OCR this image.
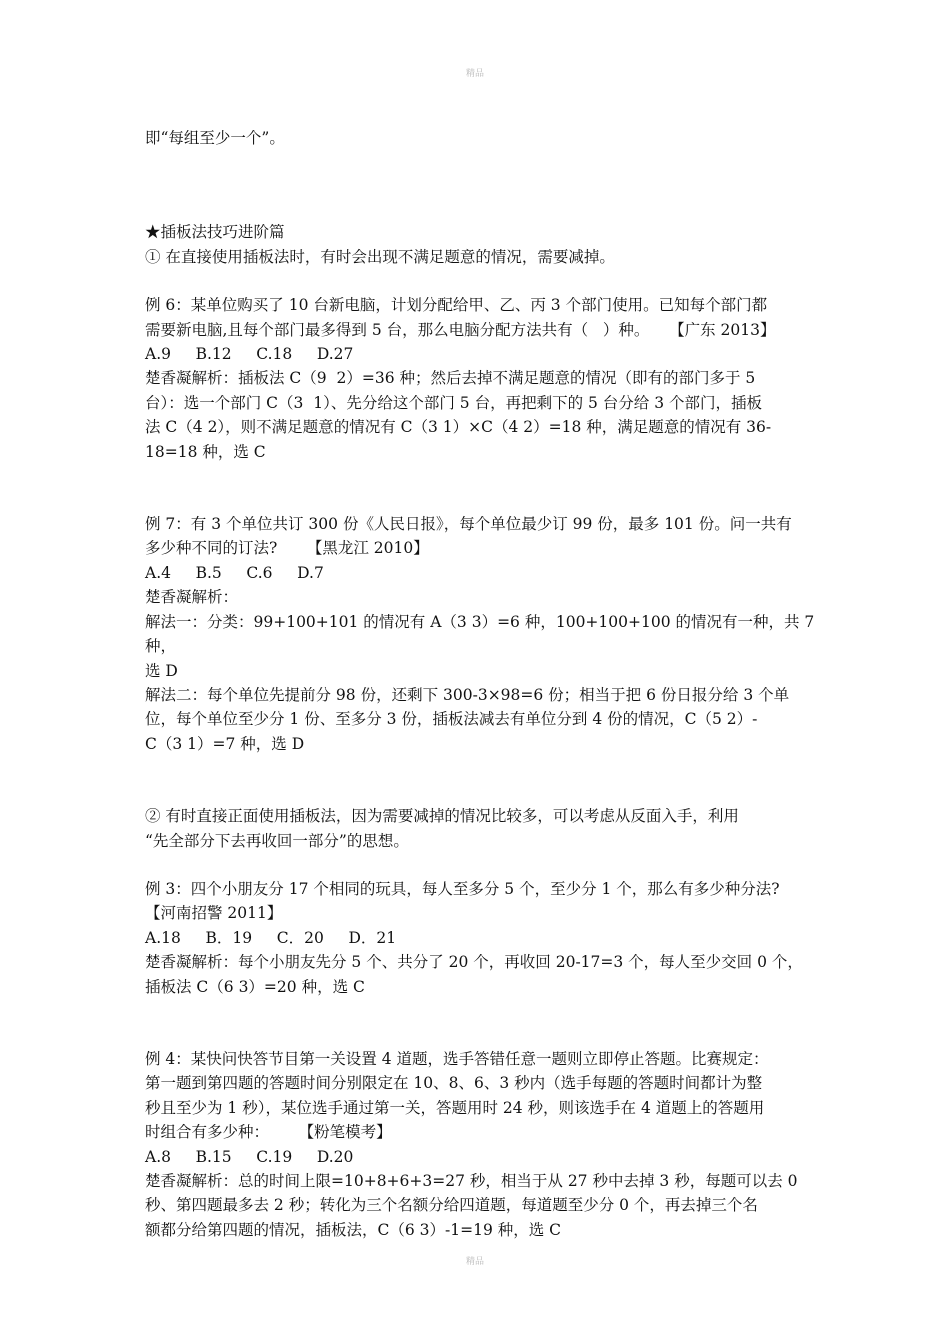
精品

即“每组至少一个”。

★插板法技巧进阶篇

① 在直接使用插板法时，有时会出现不满足题意的情况，需要减掉。

例 6：某单位购买了 10 台新电脑，计划分配给甲、乙、丙 3 个部门使用。已知每个部门都

需要新电脑,且每个部门最多得到 5 台，那么电脑分配方法共有（   ）种。    【广东 2013】

A.9     B.12     C.18     D.27

楚香凝解析：插板法 C（9  2）=36 种；然后去掉不满足题意的情况（即有的部门多于 5

台）：选一个部门 C（3  1）、先分给这个部门 5 台，再把剩下的 5 台分给 3 个部门，插板

法 C（4 2），则不满足题意的情况有 C（3 1）×C（4 2）=18 种，满足题意的情况有 36-

18=18 种，选 C

例 7：有 3 个单位共订 300 份《人民日报》，每个单位最少订 99 份，最多 101 份。问一共有

多少种不同的订法?      【黑龙江 2010】

A.4     B.5     C.6     D.7

楚香凝解析：

解法一：分类：99+100+101 的情况有 A（3 3）=6 种，100+100+100 的情况有一种，共 7 种，

选 D

解法二：每个单位先提前分 98 份，还剩下 300-3×98=6 份；相当于把 6 份日报分给 3 个单

位，每个单位至少分 1 份、至多分 3 份，插板法减去有单位分到 4 份的情况，C（5 2）-

C（3 1）=7 种，选 D

② 有时直接正面使用插板法，因为需要减掉的情况比较多，可以考虑从反面入手，利用

“先全部分下去再收回一部分”的思想。

例 3：四个小朋友分 17 个相同的玩具，每人至多分 5 个，至少分 1 个，那么有多少种分法?

【河南招警 2011】

A.18     B．19     C．20     D．21

楚香凝解析：每个小朋友先分 5 个、共分了 20 个，再收回 20-17=3 个，每人至少交回 0 个，

插板法 C（6 3）=20 种，选 C

例 4：某快问快答节目第一关设置 4 道题，选手答错任意一题则立即停止答题。比赛规定：

第一题到第四题的答题时间分别限定在 10、8、6、3 秒内（选手每题的答题时间都计为整

秒且至少为 1 秒），某位选手通过第一关，答题用时 24 秒，则该选手在 4 道题上的答题用

时组合有多少种：      【粉笔模考】

A.8     B.15     C.19     D.20

楚香凝解析：总的时间上限=10+8+6+3=27 秒，相当于从 27 秒中去掉 3 秒，每题可以去 0

秒、第四题最多去 2 秒；转化为三个名额分给四道题，每道题至少分 0 个，再去掉三个名

额都分给第四题的情况，插板法，C（6 3）-1=19 种，选 C

精品
